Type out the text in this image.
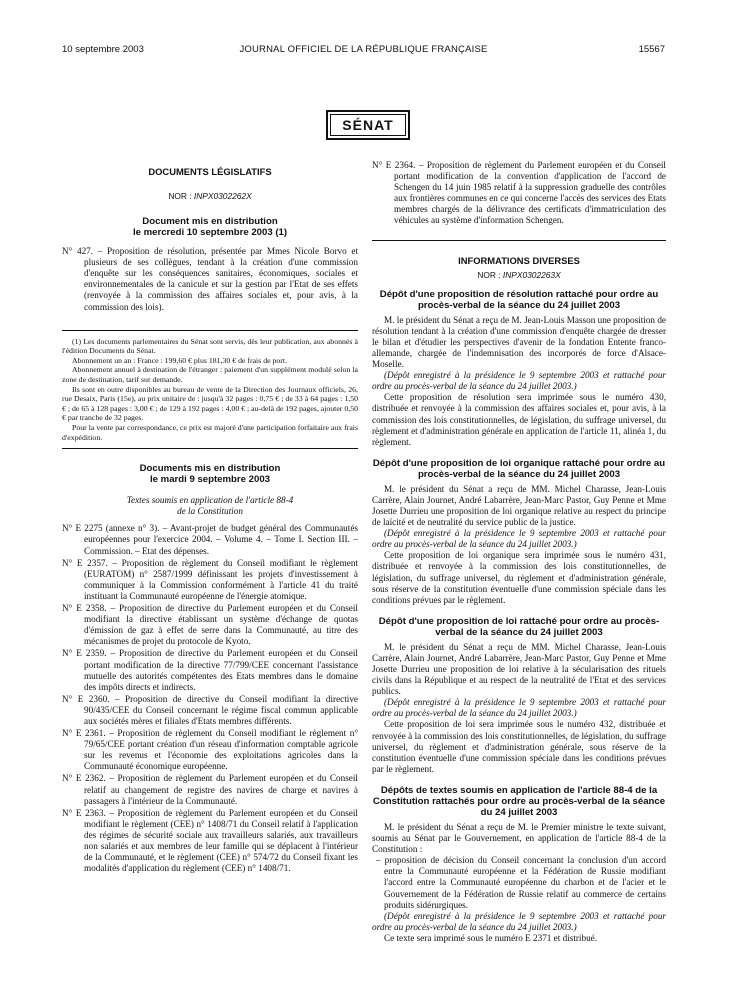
10 septembre 2003	JOURNAL OFFICIEL DE LA RÉPUBLIQUE FRANÇAISE	15567
SÉNAT
DOCUMENTS LÉGISLATIFS
NOR : INPX0302262X
Document mis en distribution
le mercredi 10 septembre 2003 (1)

N° 427. – Proposition de résolution, présentée par Mmes Nicole Borvo et plusieurs de ses collègues, tendant à la création d'une commission d'enquête sur les conséquences sanitaires, économiques, sociales et environnementales de la canicule et sur la gestion par l'Etat de ses effets (renvoyée à la commission des affaires sociales et, pour avis, à la commission des lois).

(1) Les documents parlementaires du Sénat sont servis, dès leur publication, aux abonnés à l'édition Documents du Sénat.

Abonnement un an : France : 199,60 € plus 181,30 € de frais de port.

Abonnement annuel à destination de l'étranger : paiement d'un supplément modulé selon la zone de destination, tarif sur demande.

Ils sont en outre disponibles au bureau de vente de la Direction des Journaux officiels, 26, rue Desaix, Paris (15e), au prix unitaire de : jusqu'à 32 pages : 0,75 € ; de 33 à 64 pages : 1,50 € ; de 65 à 128 pages : 3,00 € ; de 129 à 192 pages : 4,00 € ; au-delà de 192 pages, ajouter 0,50 € par tranche de 32 pages.

Pour la vente par correspondance, ce prix est majoré d'une participation forfaitaire aux frais d'expédition.

Documents mis en distribution
le mardi 9 septembre 2003
Textes soumis en application de l'article 88-4
de la Constitution

N° E 2275 (annexe n° 3). – Avant-projet de budget général des Communautés européennes pour l'exercice 2004. – Volume 4. – Tome I. Section III. – Commission. – Etat des dépenses.

N° E 2357. – Proposition de règlement du Conseil modifiant le règlement (EURATOM) n° 2587/1999 définissant les projets d'investissement à communiquer à la Commission conformément à l'article 41 du traité instituant la Communauté européenne de l'énergie atomique.

N° E 2358. – Proposition de directive du Parlement européen et du Conseil modifiant la directive établissant un système d'échange de quotas d'émission de gaz à effet de serre dans la Communauté, au titre des mécanismes de projet du protocole de Kyoto.

N° E 2359. – Proposition de directive du Parlement européen et du Conseil portant modification de la directive 77/799/CEE concernant l'assistance mutuelle des autorités compétentes des Etats membres dans le domaine des impôts directs et indirects.

N° E 2360. – Proposition de directive du Conseil modifiant la directive 90/435/CEE du Conseil concernant le régime fiscal commun applicable aux sociétés mères et filiales d'Etats membres différents.

N° E 2361. – Proposition de règlement du Conseil modifiant le règlement n° 79/65/CEE portant création d'un réseau d'information comptable agricole sur les revenus et l'économie des exploitations agricoles dans la Communauté économique européenne.

N° E 2362. – Proposition de règlement du Parlement européen et du Conseil relatif au changement de registre des navires de charge et navires à passagers à l'intérieur de la Communauté.

N° E 2363. – Proposition de règlement du Parlement européen et du Conseil modifiant le règlement (CEE) n° 1408/71 du Conseil relatif à l'application des régimes de sécurité sociale aux travailleurs salariés, aux travailleurs non salariés et aux membres de leur famille qui se déplacent à l'intérieur de la Communauté, et le règlement (CEE) n° 574/72 du Conseil fixant les modalités d'application du règlement (CEE) n° 1408/71.

N° E 2364. – Proposition de règlement du Parlement européen et du Conseil portant modification de la convention d'application de l'accord de Schengen du 14 juin 1985 relatif à la suppression graduelle des contrôles aux frontières communes en ce qui concerne l'accès des services des Etats membres chargés de la délivrance des certificats d'immatriculation des véhicules au système d'information Schengen.

INFORMATIONS DIVERSES
NOR : INPX0302263X
Dépôt d'une proposition de résolution rattaché pour ordre au procès-verbal de la séance du 24 juillet 2003

M. le président du Sénat a reçu de M. Jean-Louis Masson une proposition de résolution tendant à la création d'une commission d'enquête chargée de dresser le bilan et d'étudier les perspectives d'avenir de la fondation Entente franco-allemande, chargée de l'indemnisation des incorporés de force d'Alsace-Moselle.

(Dépôt enregistré à la présidence le 9 septembre 2003 et rattaché pour ordre au procès-verbal de la séance du 24 juillet 2003.)

Cette proposition de résolution sera imprimée sous le numéro 430, distribuée et renvoyée à la commission des affaires sociales et, pour avis, à la commission des lois constitutionnelles, de législation, du suffrage universel, du règlement et d'administration générale en application de l'article 11, alinéa 1, du règlement.

Dépôt d'une proposition de loi organique rattaché pour ordre au procès-verbal de la séance du 24 juillet 2003

M. le président du Sénat a reçu de MM. Michel Charasse, Jean-Louis Carrère, Alain Journet, André Labarrère, Jean-Marc Pastor, Guy Penne et Mme Josette Durrieu une proposition de loi organique relative au respect du principe de laïcité et de neutralité du service public de la justice.

(Dépôt enregistré à la présidence le 9 septembre 2003 et rattaché pour ordre au procès-verbal de la séance du 24 juillet 2003.)

Cette proposition de loi organique sera imprimée sous le numéro 431, distribuée et renvoyée à la commission des lois constitutionnelles, de législation, du suffrage universel, du règlement et d'administration générale, sous réserve de la constitution éventuelle d'une commission spéciale dans les conditions prévues par le règlement.

Dépôt d'une proposition de loi rattaché pour ordre au procès-verbal de la séance du 24 juillet 2003

M. le président du Sénat a reçu de MM. Michel Charasse, Jean-Louis Carrère, Alain Journet, André Labarrère, Jean-Marc Pastor, Guy Penne et Mme Josette Durrieu une proposition de loi relative à la sécularisation des rituels civils dans la République et au respect de la neutralité de l'Etat et des services publics.

(Dépôt enregistré à la présidence le 9 septembre 2003 et rattaché pour ordre au procès-verbal de la séance du 24 juillet 2003.)

Cette proposition de loi sera imprimée sous le numéro 432, distribuée et renvoyée à la commission des lois constitutionnelles, de législation, du suffrage universel, du règlement et d'administration générale, sous réserve de la constitution éventuelle d'une commission spéciale dans les conditions prévues par le règlement.

Dépôts de textes soumis en application de l'article 88-4 de la Constitution rattachés pour ordre au procès-verbal de la séance du 24 juillet 2003

M. le président du Sénat a reçu de M. le Premier ministre le texte suivant, soumis au Sénat par le Gouvernement, en application de l'article 88-4 de la Constitution :

– proposition de décision du Conseil concernant la conclusion d'un accord entre la Communauté européenne et la Fédération de Russie modifiant l'accord entre la Communauté européenne du charbon et de l'acier et le Gouvernement de la Fédération de Russie relatif au commerce de certains produits sidérurgiques.

(Dépôt enregistré à la présidence le 9 septembre 2003 et rattaché pour ordre au procès-verbal de la séance du 24 juillet 2003.)

Ce texte sera imprimé sous le numéro E 2371 et distribué.
